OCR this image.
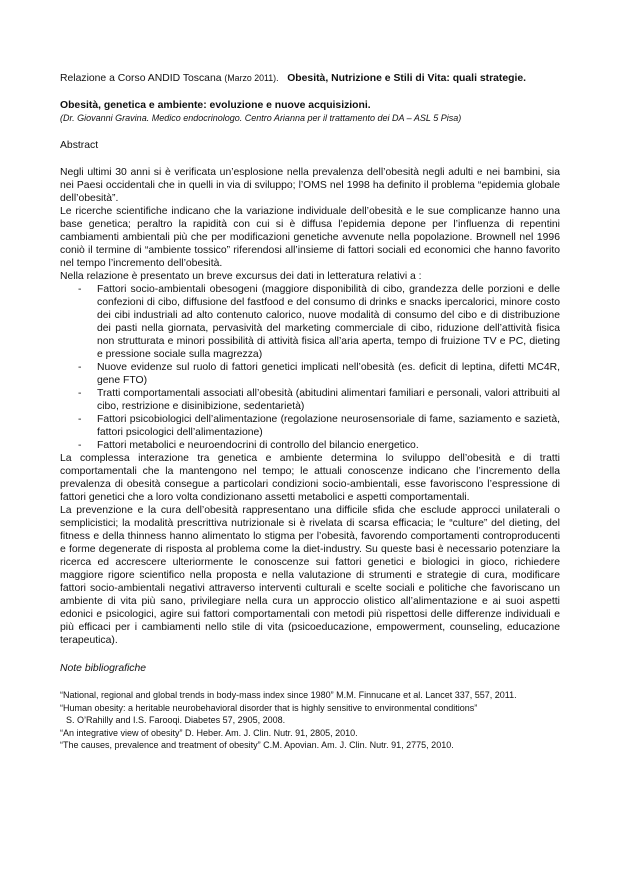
Relazione a Corso ANDID Toscana (Marzo 2011). Obesità, Nutrizione e Stili di Vita: quali strategie.

Obesità, genetica e ambiente: evoluzione e nuove acquisizioni.

(Dr. Giovanni Gravina. Medico endocrinologo. Centro Arianna per il trattamento dei DA – ASL 5 Pisa)

Abstract

Negli ultimi 30 anni si è verificata un’esplosione nella prevalenza dell’obesità negli adulti e nei bambini, sia nei Paesi occidentali che in quelli in via di sviluppo; l’OMS nel 1998 ha definito il problema “epidemia globale dell’obesità”.

Le ricerche scientifiche indicano che la variazione individuale dell’obesità e le sue complicanze hanno una base genetica; peraltro la rapidità con cui si è diffusa l’epidemia depone per l’influenza di repentini cambiamenti ambientali più che per modificazioni genetiche avvenute nella popolazione. Brownell nel 1996 coniò il termine di “ambiente tossico” riferendosi all’insieme di fattori sociali ed economici che hanno favorito nel tempo l’incremento dell’obesità.

Nella relazione è presentato un breve excursus dei dati in letteratura relativi a :

- Fattori socio-ambientali obesogeni (maggiore disponibilità di cibo, grandezza delle porzioni e delle confezioni di cibo, diffusione del fastfood e del consumo di drinks e snacks ipercalorici, minore costo dei cibi industriali ad alto contenuto calorico, nuove modalità di consumo del cibo e di distribuzione dei pasti nella giornata, pervasività del marketing commerciale di cibo, riduzione dell’attività fisica non strutturata e minori possibilità di attività fisica all’aria aperta, tempo di fruizione TV e PC, dieting e pressione sociale sulla magrezza)
- Nuove evidenze sul ruolo di fattori genetici implicati nell’obesità (es. deficit di leptina, difetti MC4R, gene FTO)
- Tratti comportamentali associati all’obesità (abitudini alimentari familiari e personali, valori attribuiti al cibo, restrizione e disinibizione, sedentarietà)
- Fattori psicobiologici dell’alimentazione (regolazione neurosensoriale di fame, saziamento e sazietà, fattori psicologici dell’alimentazione)
- Fattori metabolici e neuroendocrini di controllo del bilancio energetico.

La complessa interazione tra genetica e ambiente determina lo sviluppo dell’obesità e di tratti comportamentali che la mantengono nel tempo; le attuali conoscenze indicano che l’incremento della prevalenza di obesità consegue a particolari condizioni socio-ambientali, esse favoriscono l’espressione di fattori genetici che a loro volta condizionano assetti metabolici e aspetti comportamentali.

La prevenzione e la cura dell’obesità rappresentano una difficile sfida che esclude approcci unilaterali o semplicistici; la modalità prescrittiva nutrizionale si è rivelata di scarsa efficacia; le “culture” del dieting, del fitness e della thinness hanno alimentato lo stigma per l’obesità, favorendo comportamenti controproducenti e forme degenerate di risposta al problema come la diet-industry. Su queste basi è necessario potenziare la ricerca ed accrescere ulteriormente le conoscenze sui fattori genetici e biologici in gioco, richiedere maggiore rigore scientifico nella proposta e nella valutazione di strumenti e strategie di cura, modificare fattori socio-ambientali negativi attraverso interventi culturali e scelte sociali e politiche che favoriscano un ambiente di vita più sano, privilegiare nella cura un approccio olistico all’alimentazione e ai suoi aspetti edonici e psicologici, agire sui fattori comportamentali con metodi più rispettosi delle differenze individuali e più efficaci per i cambiamenti nello stile di vita (psicoeducazione, empowerment, counseling, educazione terapeutica).

Note bibliografiche

“National, regional and global trends in body-mass index since 1980” M.M. Finnucane et al. Lancet 337, 557, 2011.

“Human obesity: a heritable neurobehavioral disorder that is highly sensitive to environmental conditions”

S. O’Rahilly and I.S. Farooqi. Diabetes 57, 2905, 2008.

“An integrative view of obesity” D. Heber. Am. J. Clin. Nutr. 91, 2805, 2010.

“The causes, prevalence and treatment of obesity” C.M. Apovian. Am. J. Clin. Nutr. 91, 2775, 2010.
